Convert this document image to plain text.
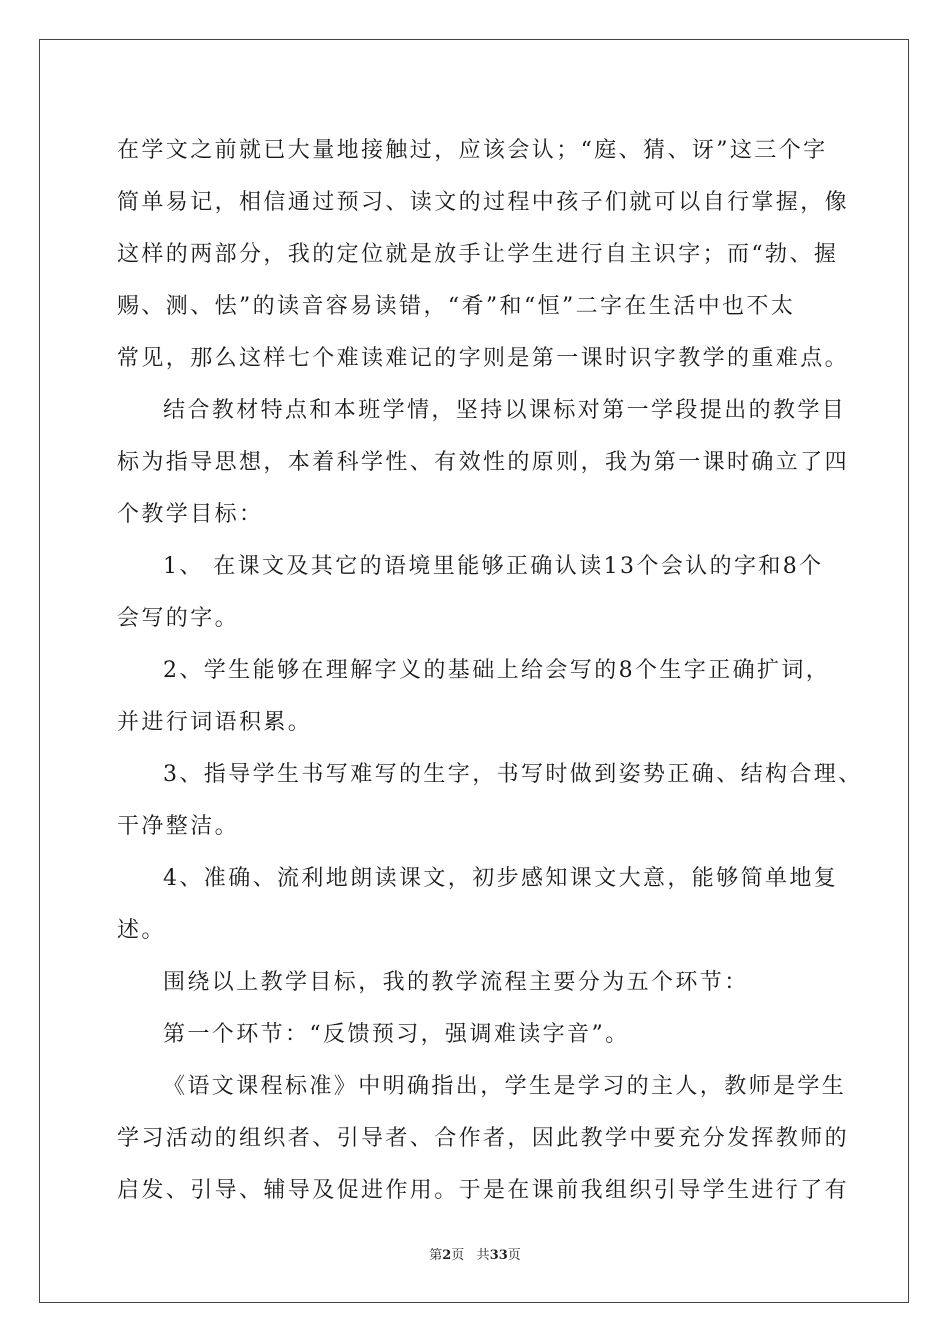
在学文之前就已大量地接触过，应该会认；“庭、猜、讶”这三个字
简单易记，相信通过预习、读文的过程中孩子们就可以自行掌握，像
这样的两部分，我的定位就是放手让学生进行自主识字；而“勃、握
赐、测、怯”的读音容易读错，“肴”和“恒”二字在生活中也不太
常见，那么这样七个难读难记的字则是第一课时识字教学的重难点。
结合教材特点和本班学情，坚持以课标对第一学段提出的教学目
标为指导思想，本着科学性、有效性的原则，我为第一课时确立了四
个教学目标：
1、 在课文及其它的语境里能够正确认读13个会认的字和8个
会写的字。
2、学生能够在理解字义的基础上给会写的8个生字正确扩词，
并进行词语积累。
3、指导学生书写难写的生字，书写时做到姿势正确、结构合理、
干净整洁。
4、准确、流利地朗读课文，初步感知课文大意，能够简单地复
述。
围绕以上教学目标，我的教学流程主要分为五个环节：
第一个环节：“反馈预习，强调难读字音”。
《语文课程标准》中明确指出，学生是学习的主人，教师是学生
学习活动的组织者、引导者、合作者，因此教学中要充分发挥教师的
启发、引导、辅导及促进作用。于是在课前我组织引导学生进行了有
第2页 共33页
